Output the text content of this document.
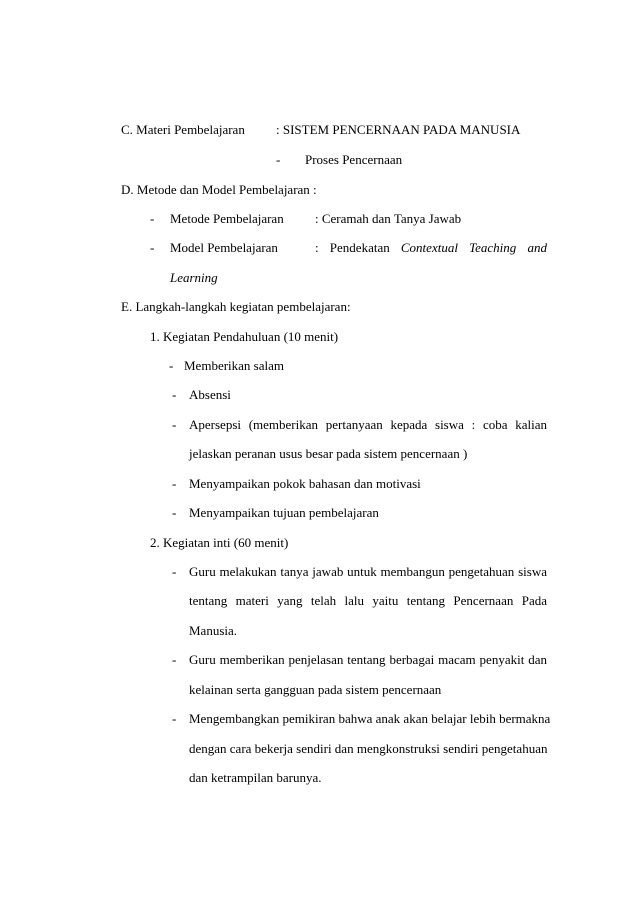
C. Materi Pembelajaran : SISTEM PENCERNAAN PADA MANUSIA
- Proses Pencernaan
D. Metode dan Model Pembelajaran :
- Metode Pembelajaran : Ceramah dan Tanya Jawab
- Model Pembelajaran	: Pendekatan Contextual Teaching and
Learning
E. Langkah-langkah kegiatan pembelajaran:
1. Kegiatan Pendahuluan (10 menit)
- Memberikan salam
- Absensi
- Apersepsi (memberikan pertanyaan kepada siswa : coba kalian
jelaskan peranan usus besar pada sistem pencernaan )
- Menyampaikan pokok bahasan dan motivasi
- Menyampaikan tujuan pembelajaran
2. Kegiatan inti (60 menit)
- Guru melakukan tanya jawab untuk membangun pengetahuan siswa
tentang materi yang telah lalu yaitu tentang Pencernaan Pada
Manusia.
- Guru memberikan penjelasan tentang berbagai macam penyakit dan
kelainan serta gangguan pada sistem pencernaan
- Mengembangkan pemikiran bahwa anak akan belajar lebih bermakna
dengan cara bekerja sendiri dan mengkonstruksi sendiri pengetahuan
dan ketrampilan barunya.
